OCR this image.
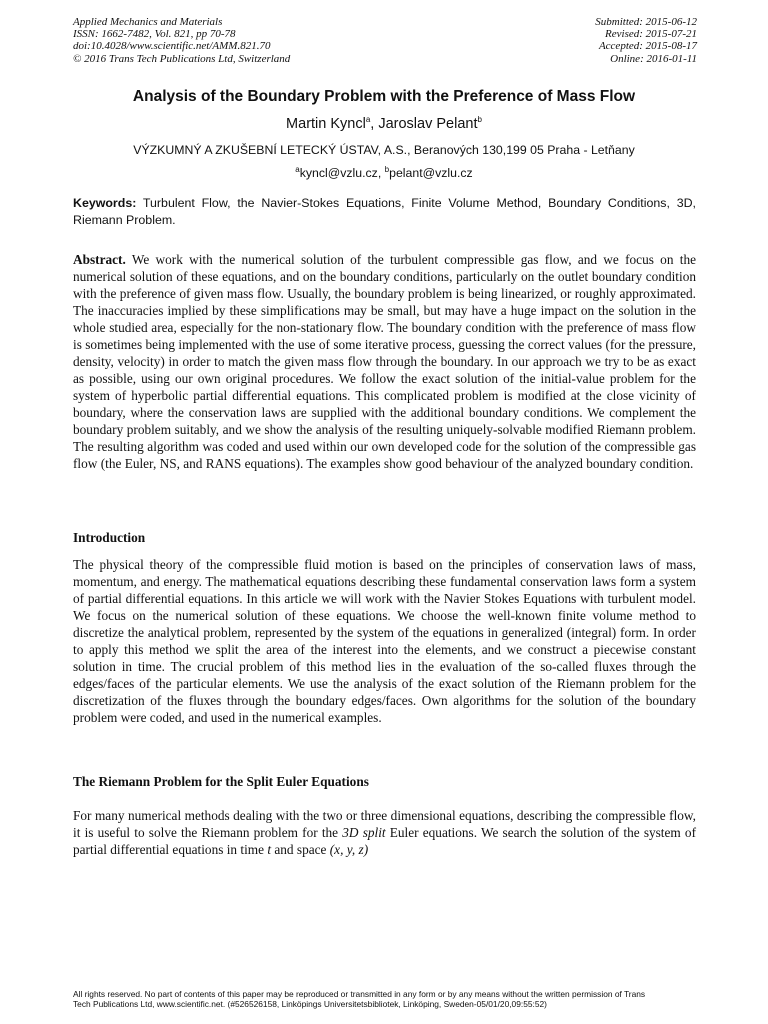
Applied Mechanics and Materials
ISSN: 1662-7482, Vol. 821, pp 70-78
doi:10.4028/www.scientific.net/AMM.821.70
© 2016 Trans Tech Publications Ltd, Switzerland
Submitted: 2015-06-12
Revised: 2015-07-21
Accepted: 2015-08-17
Online: 2016-01-11
Analysis of the Boundary Problem with the Preference of Mass Flow
Martin Kyncl$^a$, Jaroslav Pelant$^b$
VÝZKUMNÝ A ZKUŠEBNÍ LETECKÝ ÚSTAV, A.S., Beranových 130,199 05 Praha - Letňany
$^a$kyncl@vzlu.cz, $^b$pelant@vzlu.cz
Keywords: Turbulent Flow, the Navier-Stokes Equations, Finite Volume Method, Boundary Conditions, 3D, Riemann Problem.
Abstract. We work with the numerical solution of the turbulent compressible gas flow, and we focus on the numerical solution of these equations, and on the boundary conditions, particularly on the outlet boundary condition with the preference of given mass flow. Usually, the boundary problem is being linearized, or roughly approximated. The inaccuracies implied by these simplifications may be small, but may have a huge impact on the solution in the whole studied area, especially for the non-stationary flow. The boundary condition with the preference of mass flow is sometimes being implemented with the use of some iterative process, guessing the correct values (for the pressure, density, velocity) in order to match the given mass flow through the boundary. In our approach we try to be as exact as possible, using our own original procedures. We follow the exact solution of the initial-value problem for the system of hyperbolic partial differential equations. This complicated problem is modified at the close vicinity of boundary, where the conservation laws are supplied with the additional boundary conditions. We complement the boundary problem suitably, and we show the analysis of the resulting uniquely-solvable modified Riemann problem. The resulting algorithm was coded and used within our own developed code for the solution of the compressible gas flow (the Euler, NS, and RANS equations). The examples show good behaviour of the analyzed boundary condition.
Introduction
The physical theory of the compressible fluid motion is based on the principles of conservation laws of mass, momentum, and energy. The mathematical equations describing these fundamental conservation laws form a system of partial differential equations. In this article we will work with the Navier Stokes Equations with turbulent model. We focus on the numerical solution of these equations. We choose the well-known finite volume method to discretize the analytical problem, represented by the system of the equations in generalized (integral) form. In order to apply this method we split the area of the interest into the elements, and we construct a piecewise constant solution in time. The crucial problem of this method lies in the evaluation of the so-called fluxes through the edges/faces of the particular elements. We use the analysis of the exact solution of the Riemann problem for the discretization of the fluxes through the boundary edges/faces. Own algorithms for the solution of the boundary problem were coded, and used in the numerical examples.
The Riemann Problem for the Split Euler Equations
For many numerical methods dealing with the two or three dimensional equations, describing the compressible flow, it is useful to solve the Riemann problem for the 3D split Euler equations. We search the solution of the system of partial differential equations in time t and space (x, y, z)
All rights reserved. No part of contents of this paper may be reproduced or transmitted in any form or by any means without the written permission of Trans
Tech Publications Ltd, www.scientific.net. (#526526158, Linköpings Universitetsbibliotek, Linköping, Sweden-05/01/20,09:55:52)
